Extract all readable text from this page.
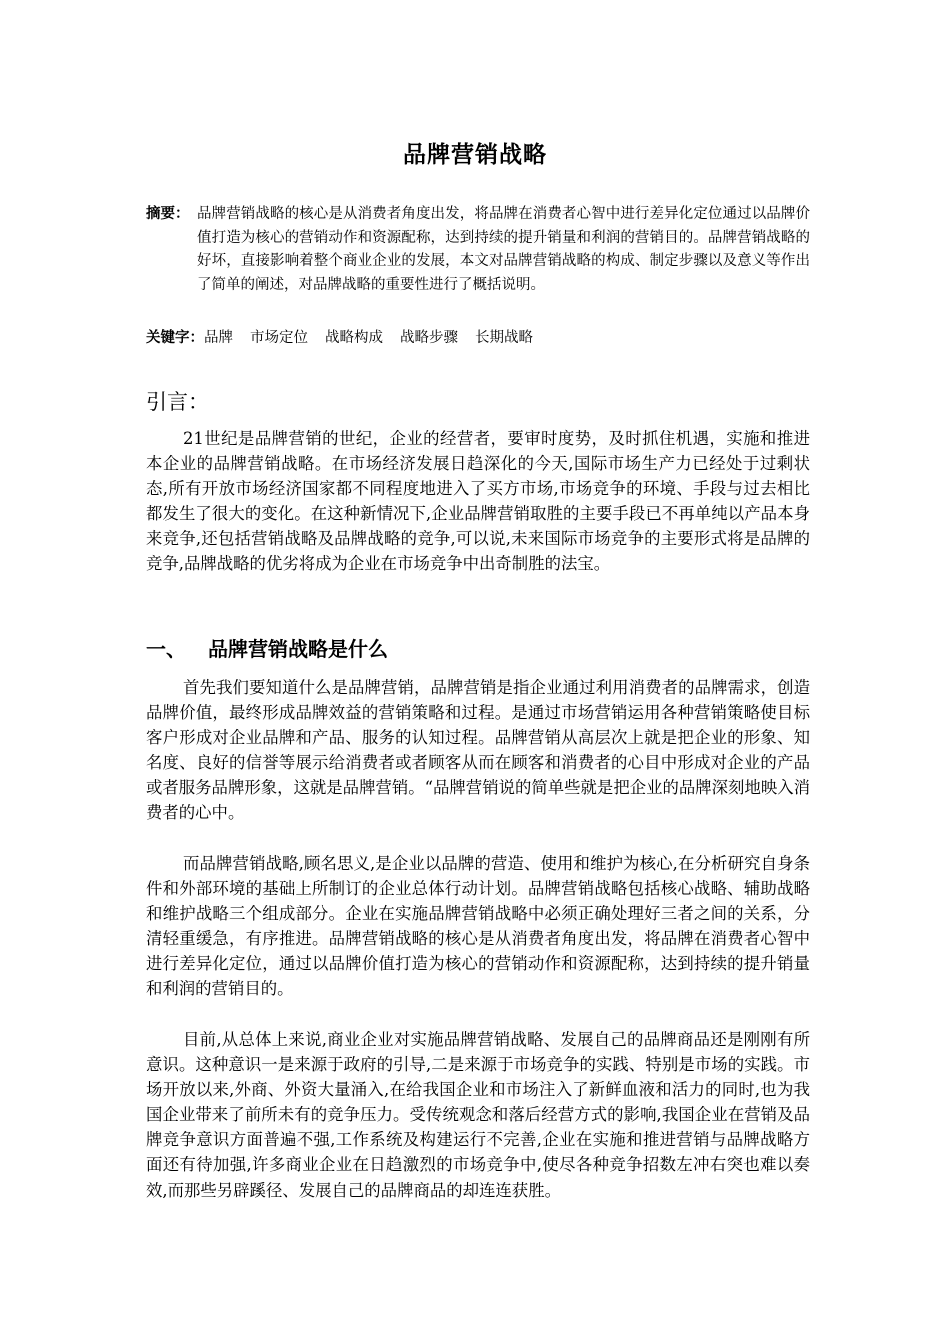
品牌营销战略
摘要： 品牌营销战略的核心是从消费者角度出发，将品牌在消费者心智中进行差异化定位通过以品牌价值打造为核心的营销动作和资源配称，达到持续的提升销量和利润的营销目的。品牌营销战略的好坏，直接影响着整个商业企业的发展，本文对品牌营销战略的构成、制定步骤以及意义等作出了简单的阐述，对品牌战略的重要性进行了概括说明。
关键字：品牌 市场定位 战略构成 战略步骤 长期战略
引言：

21世纪是品牌营销的世纪，企业的经营者，要审时度势，及时抓住机遇，实施和推进本企业的品牌营销战略。在市场经济发展日趋深化的今天,国际市场生产力已经处于过剩状态,所有开放市场经济国家都不同程度地进入了买方市场,市场竞争的环境、手段与过去相比都发生了很大的变化。在这种新情况下,企业品牌营销取胜的主要手段已不再单纯以产品本身来竞争,还包括营销战略及品牌战略的竞争,可以说,未来国际市场竞争的主要形式将是品牌的竞争,品牌战略的优劣将成为企业在市场竞争中出奇制胜的法宝。

一、 品牌营销战略是什么

首先我们要知道什么是品牌营销，品牌营销是指企业通过利用消费者的品牌需求，创造品牌价值，最终形成品牌效益的营销策略和过程。是通过市场营销运用各种营销策略使目标客户形成对企业品牌和产品、服务的认知过程。品牌营销从高层次上就是把企业的形象、知名度、良好的信誉等展示给消费者或者顾客从而在顾客和消费者的心目中形成对企业的产品或者服务品牌形象，这就是品牌营销。“品牌营销说的简单些就是把企业的品牌深刻地映入消费者的心中。

而品牌营销战略,顾名思义,是企业以品牌的营造、使用和维护为核心,在分析研究自身条件和外部环境的基础上所制订的企业总体行动计划。品牌营销战略包括核心战略、辅助战略和维护战略三个组成部分。企业在实施品牌营销战略中必须正确处理好三者之间的关系，分清轻重缓急，有序推进。品牌营销战略的核心是从消费者角度出发，将品牌在消费者心智中进行差异化定位，通过以品牌价值打造为核心的营销动作和资源配称，达到持续的提升销量和利润的营销目的。

目前,从总体上来说,商业企业对实施品牌营销战略、发展自己的品牌商品还是刚刚有所意识。这种意识一是来源于政府的引导,二是来源于市场竞争的实践、特别是市场的实践。市场开放以来,外商、外资大量涌入,在给我国企业和市场注入了新鲜血液和活力的同时,也为我国企业带来了前所未有的竞争压力。受传统观念和落后经营方式的影响,我国企业在营销及品牌竞争意识方面普遍不强,工作系统及构建运行不完善,企业在实施和推进营销与品牌战略方面还有待加强,许多商业企业在日趋激烈的市场竞争中,使尽各种竞争招数左冲右突也难以奏效,而那些另辟蹊径、发展自己的品牌商品的却连连获胜。
